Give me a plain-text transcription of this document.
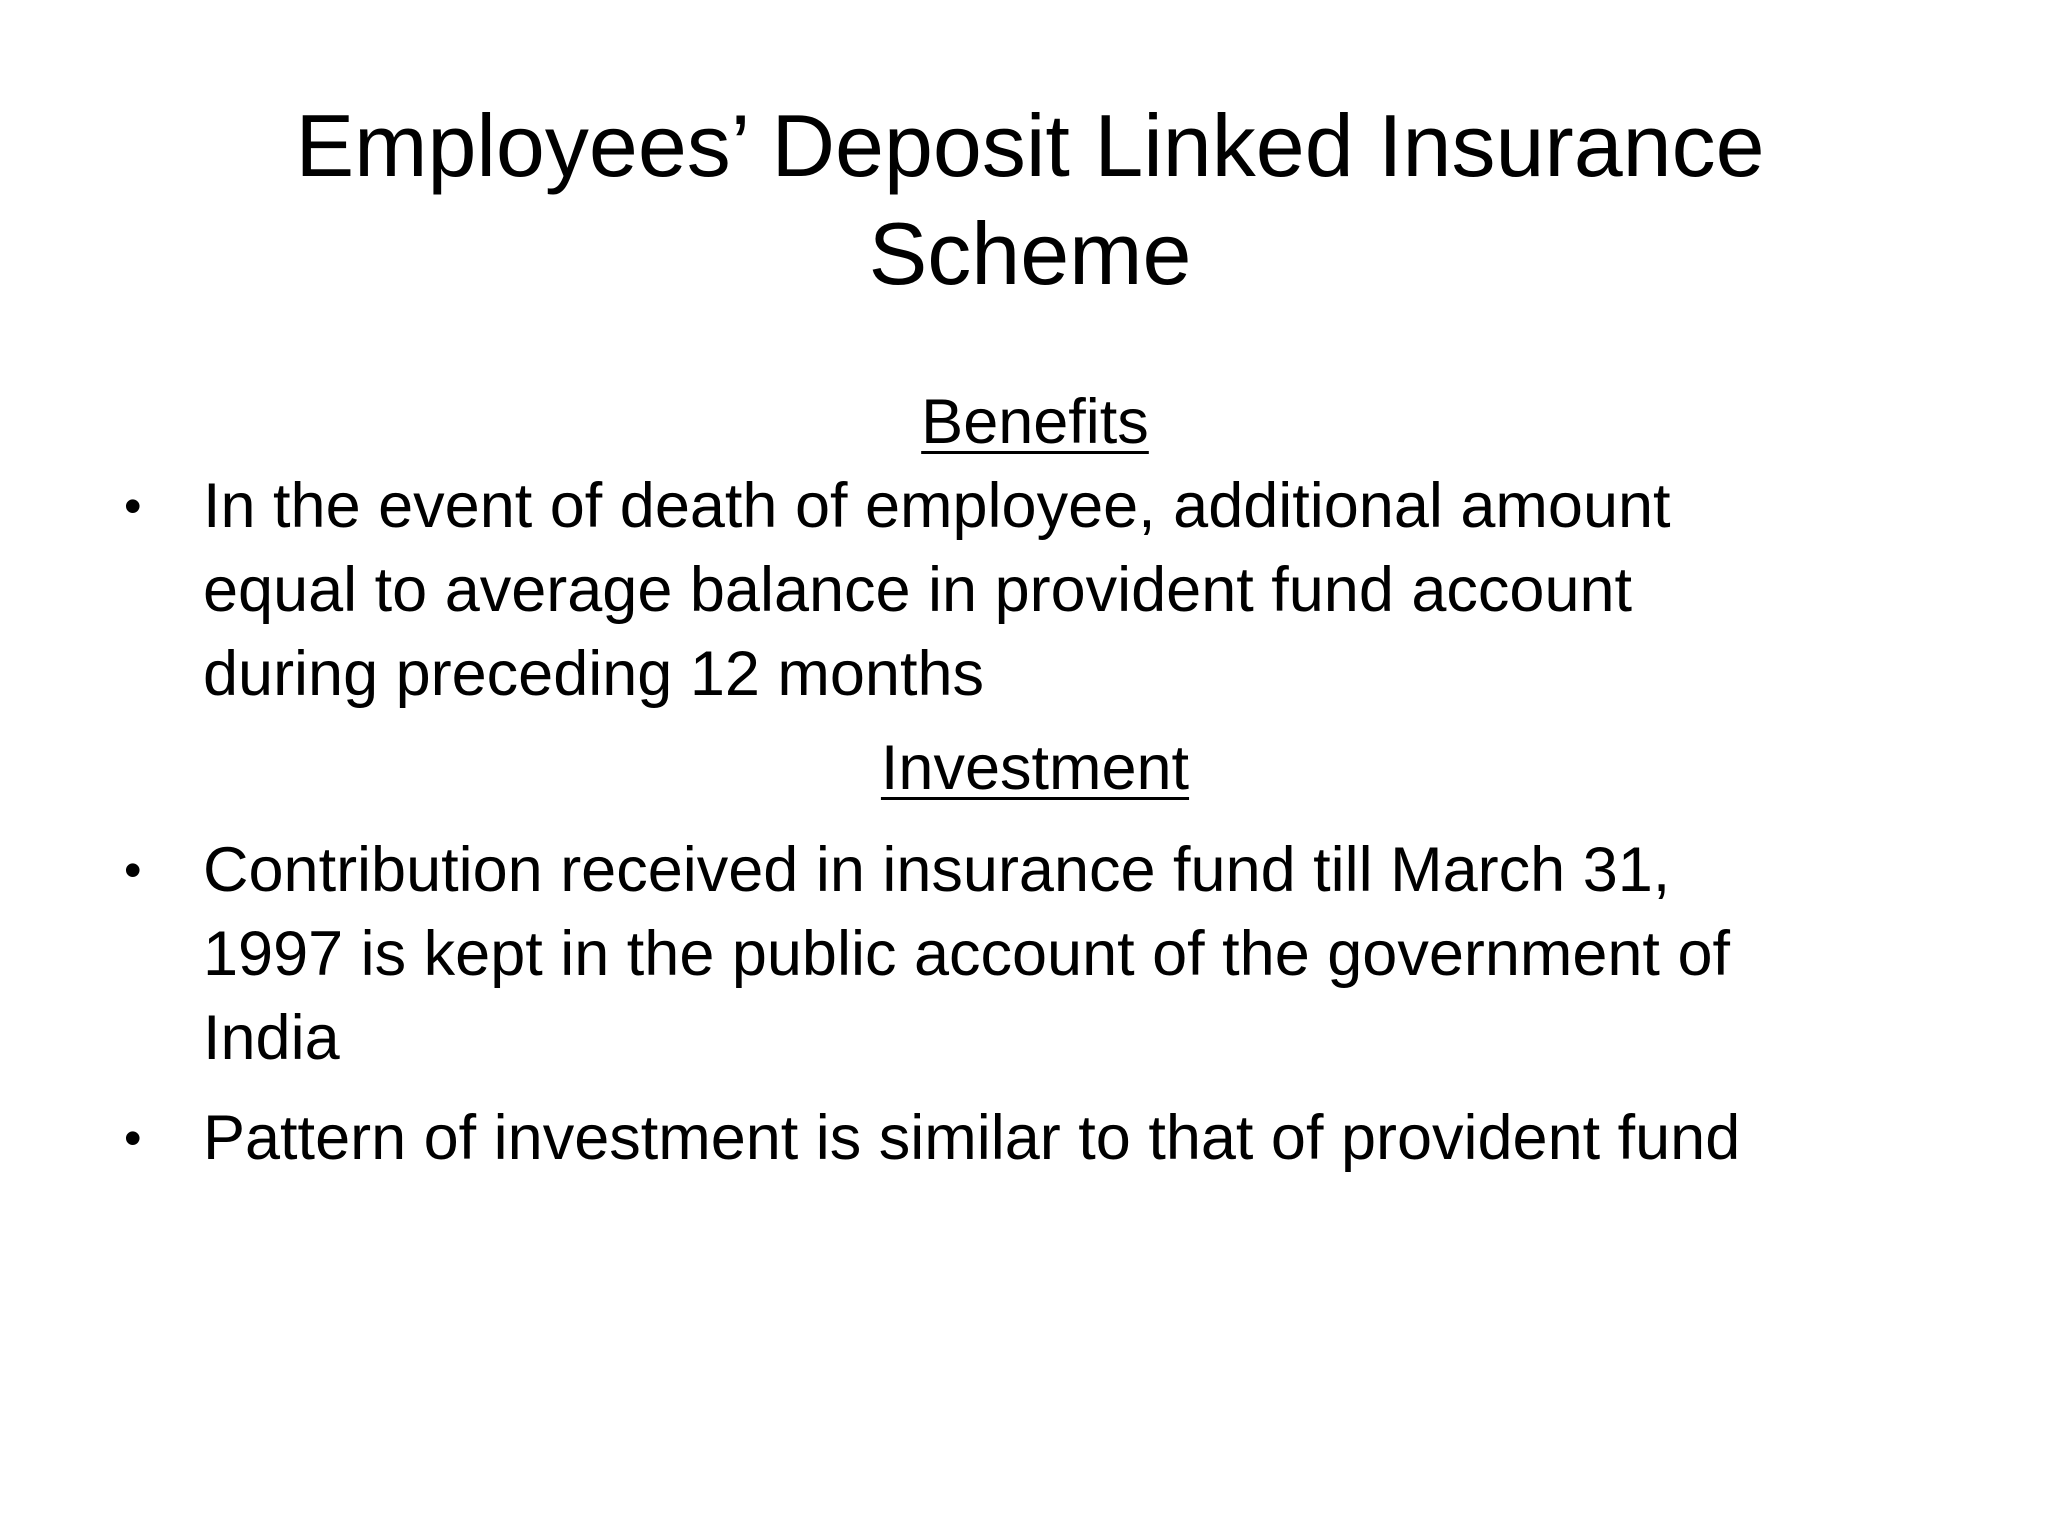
Employees’ Deposit Linked Insurance
Scheme

Benefits

• In the event of death of employee, additional amount
equal to average balance in provident fund account
during preceding 12 months

Investment

• Contribution received in insurance fund till March 31,
1997 is kept in the public account of the government of
India
• Pattern of investment is similar to that of provident fund
